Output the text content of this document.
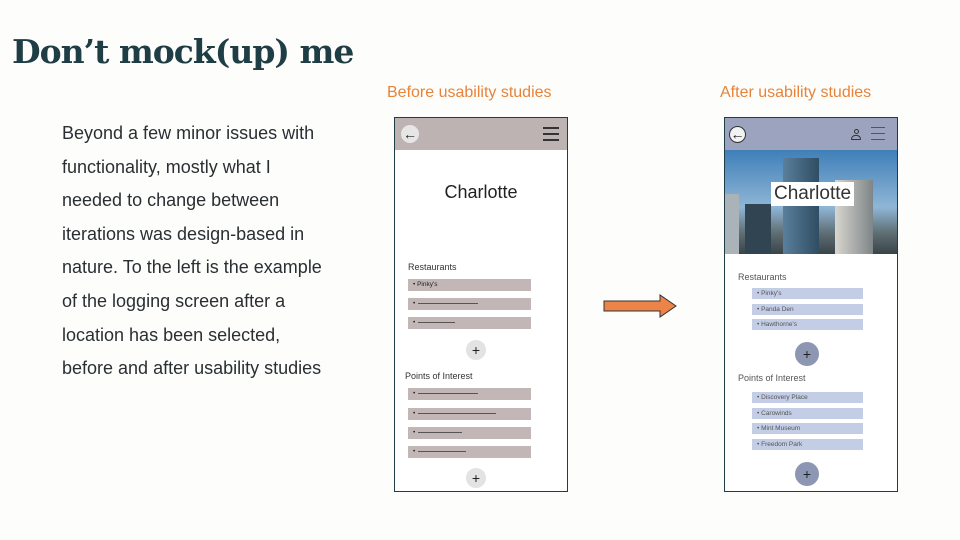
Don’t mock(up) me
Beyond a few minor issues with functionality, mostly what I needed to change between iterations was design-based in nature. To the left is the example of the logging screen after a location has been selected, before and after usability studies
Before usability studies	After usability studies
←
Charlotte
Restaurants
• Pinky's
•
•
+
Points of Interest
•
•
•
•
+
←
Charlotte
Restaurants
• Pinky's
• Panda Den
• Hawthorne's
+
Points of Interest
• Discovery Place
• Carowinds
• Mint Museum
• Freedom Park
+
